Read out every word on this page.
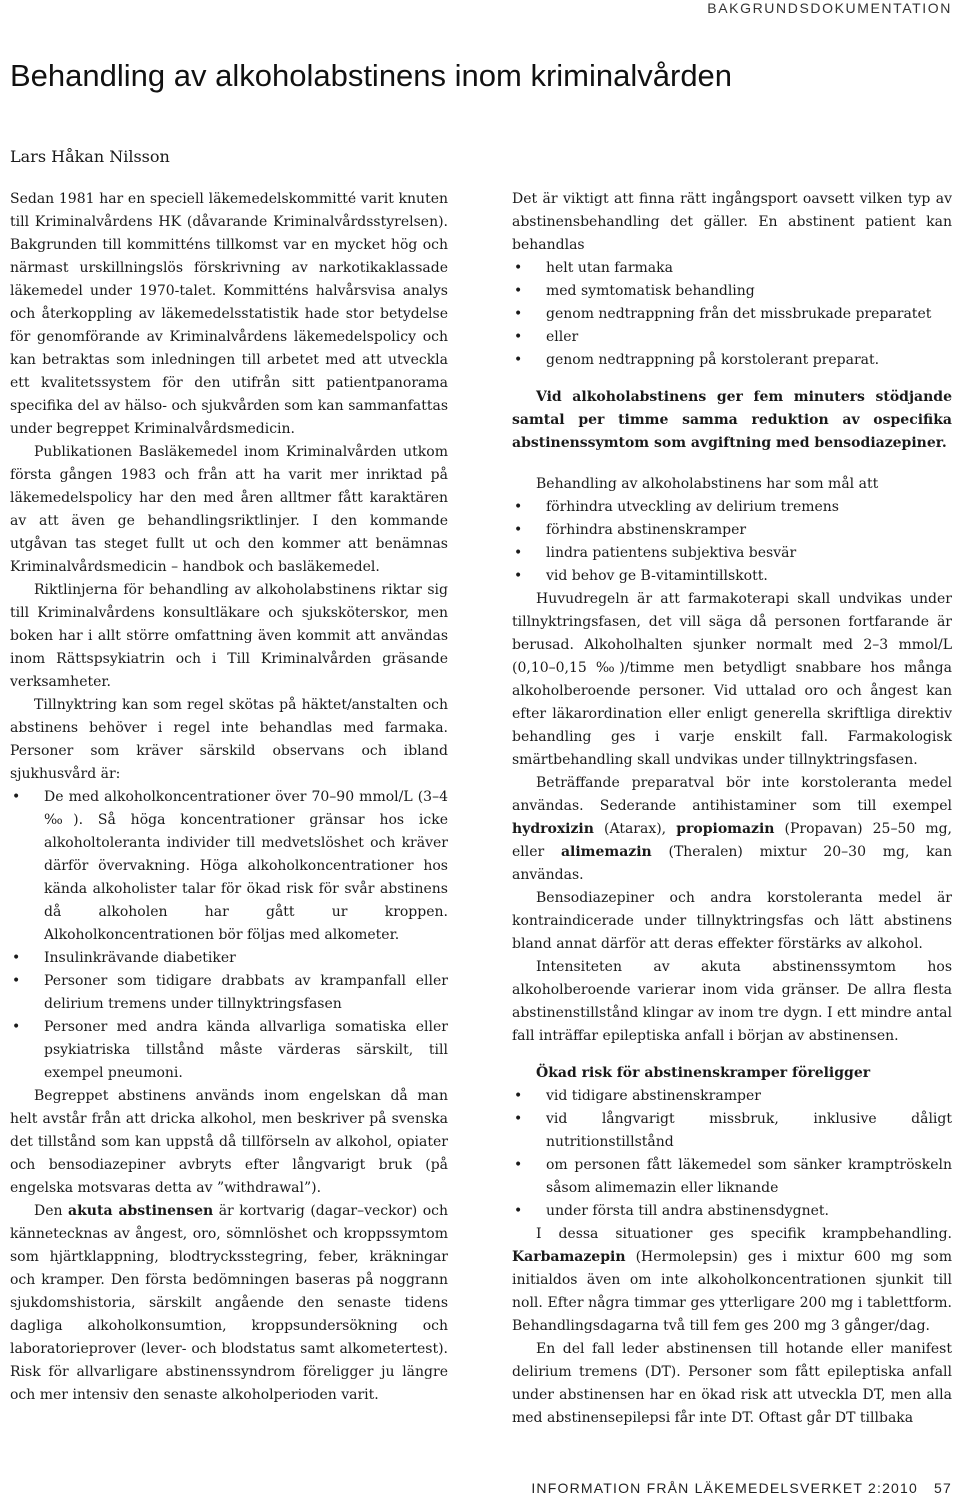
BAKGRUNDSDOKUMENTATION
Behandling av alkoholabstinens inom kriminalvården

Lars Håkan Nilsson

Sedan 1981 har en speciell läkemedelskommitté varit knuten till Kriminalvårdens HK (dåvarande Kriminalvårdsstyrelsen). Bakgrunden till kommitténs tillkomst var en mycket hög och närmast urskillningslös förskrivning av narkotikaklassade läkemedel under 1970-talet. Kommitténs halvårsvisa analys och återkoppling av läkemedelsstatistik hade stor betydelse för genomförande av Kriminalvårdens läkemedelspolicy och kan betraktas som inledningen till arbetet med att utveckla ett kvalitetssystem för den utifrån sitt patientpanorama specifika del av hälso- och sjukvården som kan sammanfattas under begreppet Kriminalvårdsmedicin.

Publikationen Basläkemedel inom Kriminalvården utkom första gången 1983 och från att ha varit mer inriktad på läkemedelspolicy har den med åren alltmer fått karaktären av att även ge behandlingsriktlinjer. I den kommande utgåvan tas steget fullt ut och den kommer att benämnas Kriminalvårdsmedicin – handbok och basläkemedel.

Riktlinjerna för behandling av alkoholabstinens riktar sig till Kriminalvårdens konsultläkare och sjuksköterskor, men boken har i allt större omfattning även kommit att användas inom Rättspsykiatrin och i Till Kriminalvården gräsande verksamheter.

Tillnyktring kan som regel skötas på häktet/anstalten och abstinens behöver i regel inte behandlas med farmaka. Personer som kräver särskild observans och ibland sjukhusvård är:

• De med alkoholkoncentrationer över 70–90 mmol/L (3–4 ‰). Så höga koncentrationer gränsar hos icke alkoholtoleranta individer till medvetslöshet och kräver därför övervakning. Höga alkoholkoncentrationer hos kända alkoholister talar för ökad risk för svår abstinens då alkoholen har gått ur kroppen. Alkoholkoncentrationen bör följas med alkometer.
• Insulinkrävande diabetiker
• Personer som tidigare drabbats av krampanfall eller delirium tremens under tillnyktringsfasen
• Personer med andra kända allvarliga somatiska eller psykiatriska tillstånd måste värderas särskilt, till exempel pneumoni.

Begreppet abstinens används inom engelskan då man helt avstår från att dricka alkohol, men beskriver på svenska det tillstånd som kan uppstå då tillförseln av alkohol, opiater och bensodiazepiner avbryts efter långvarigt bruk (på engelska motsvaras detta av ”withdrawal”).

Den akuta abstinensen är kortvarig (dagar–veckor) och kännetecknas av ångest, oro, sömnlöshet och kroppssymtom som hjärtklappning, blodtrycksstegring, feber, kräkningar och kramper. Den första bedömningen baseras på noggrann sjukdomshistoria, särskilt angående den senaste tidens dagliga alkoholkonsumtion, kroppsundersökning och laboratorieprover (lever- och blodstatus samt alkometertest). Risk för allvarligare abstinenssyndrom föreligger ju längre och mer intensiv den senaste alkoholperioden varit.

Det är viktigt att finna rätt ingångsport oavsett vilken typ av abstinensbehandling det gäller. En abstinent patient kan behandlas

• helt utan farmaka
• med symtomatisk behandling
• genom nedtrappning från det missbrukade preparatet
• eller
• genom nedtrappning på korstolerant preparat.

Vid alkoholabstinens ger fem minuters stödjande samtal per timme samma reduktion av ospecifika abstinenssymtom som avgiftning med bensodiazepiner.

Behandling av alkoholabstinens har som mål att

• förhindra utveckling av delirium tremens
• förhindra abstinenskramper
• lindra patientens subjektiva besvär
• vid behov ge B-vitamintillskott.

Huvudregeln är att farmakoterapi skall undvikas under tillnyktringsfasen, det vill säga då personen fortfarande är berusad. Alkoholhalten sjunker normalt med 2–3 mmol/L (0,10–0,15 ‰)/timme men betydligt snabbare hos många alkoholberoende personer. Vid uttalad oro och ångest kan efter läkarordination eller enligt generella skriftliga direktiv behandling ges i varje enskilt fall. Farmakologisk smärtbehandling skall undvikas under tillnyktringsfasen.

Beträffande preparatval bör inte korstoleranta medel användas. Sederande antihistaminer som till exempel hydroxizin (Atarax), propiomazin (Propavan) 25–50 mg, eller alimemazin (Theralen) mixtur 20–30 mg, kan användas.

Bensodiazepiner och andra korstoleranta medel är kontraindicerade under tillnyktringsfas och lätt abstinens bland annat därför att deras effekter förstärks av alkohol.

Intensiteten av akuta abstinenssymtom hos alkoholberoende varierar inom vida gränser. De allra flesta abstinenstillstånd klingar av inom tre dygn. I ett mindre antal fall inträffar epileptiska anfall i början av abstinensen.

Ökad risk för abstinenskramper föreligger

• vid tidigare abstinenskramper
• vid långvarigt missbruk, inklusive dåligt nutritionstillstånd
• om personen fått läkemedel som sänker kramptröskeln såsom alimemazin eller liknande
• under första till andra abstinensdygnet.

I dessa situationer ges specifik krampbehandling. Karbamazepin (Hermolepsin) ges i mixtur 600 mg som initialdos även om inte alkoholkoncentrationen sjunkit till noll. Efter några timmar ges ytterligare 200 mg i tablettform. Behandlingsdagarna två till fem ges 200 mg 3 gånger/dag.

En del fall leder abstinensen till hotande eller manifest delirium tremens (DT). Personer som fått epileptiska anfall under abstinensen har en ökad risk att utveckla DT, men alla med abstinensepilepsi får inte DT. Oftast går DT tillbaka

INFORMATION FRÅN LÄKEMEDELSVERKET 2:2010 57
